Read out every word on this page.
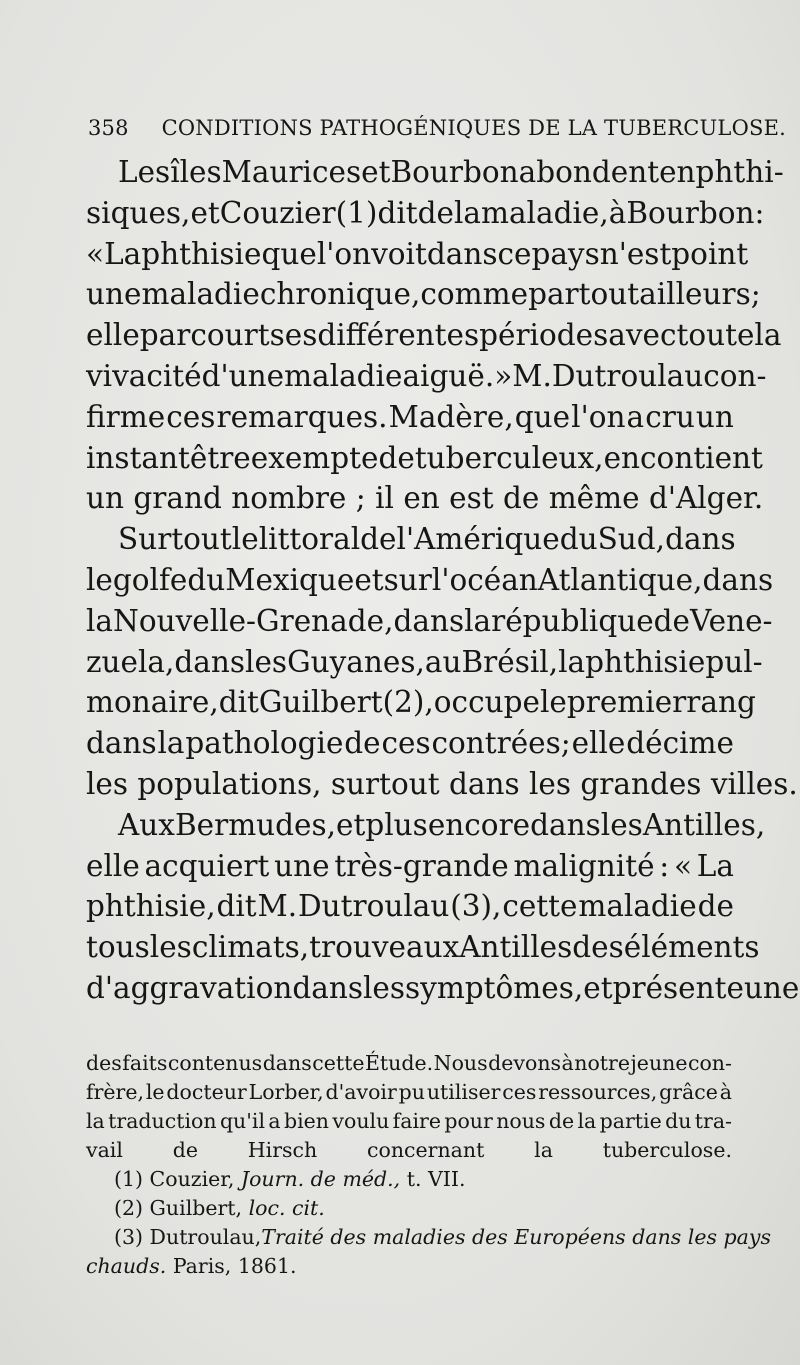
358 CONDITIONS PATHOGÉNIQUES DE LA TUBERCULOSE.
Les îles Maurices et Bourbon abondent en phthi-
siques, et Couzier (1) dit de la maladie, à Bourbon :
« La phthisie que l'on voit dans ce pays n'est point
une maladie chronique, comme partout ailleurs;
elle parcourt ses différentes périodes avec toute la
vivacité d'une maladie aiguë. » M. Dutroulau con-
firme ces remarques. Madère, que l'on a cru un
instant être exempte de tuberculeux, en contient
un grand nombre ; il en est de même d'Alger.
Sur tout le littoral de l'Amérique du Sud, dans
le golfe du Mexique et sur l'océan Atlantique, dans
la Nouvelle-Grenade, dans la république de Vene-
zuela, dans les Guyanes, au Brésil, la phthisie pul-
monaire, dit Guilbert (2), occupe le premier rang
dans la pathologie de ces contrées; elle décime
les populations, surtout dans les grandes villes.
Aux Bermudes, et plus encore dans les Antilles,
elle acquiert une très-grande malignité : « La
phthisie, dit M. Dutroulau (3), cette maladie de
tous les climats, trouve aux Antilles des éléments
d'aggravation dans les symptômes, et présente une
des faits contenus dans cette Étude. Nous devons à notre jeune con-
frère, le docteur Lorber, d'avoir pu utiliser ces ressources, grâce à
la traduction qu'il a bien voulu faire pour nous de la partie du tra-
vail de Hirsch concernant la tuberculose.
(1) Couzier,
Journ. de méd.,
t. VII.
(2) Guilbert,
loc. cit.
(3) Dutroulau, Traité des maladies des Européens dans les pays
chauds.
Paris, 1861.
